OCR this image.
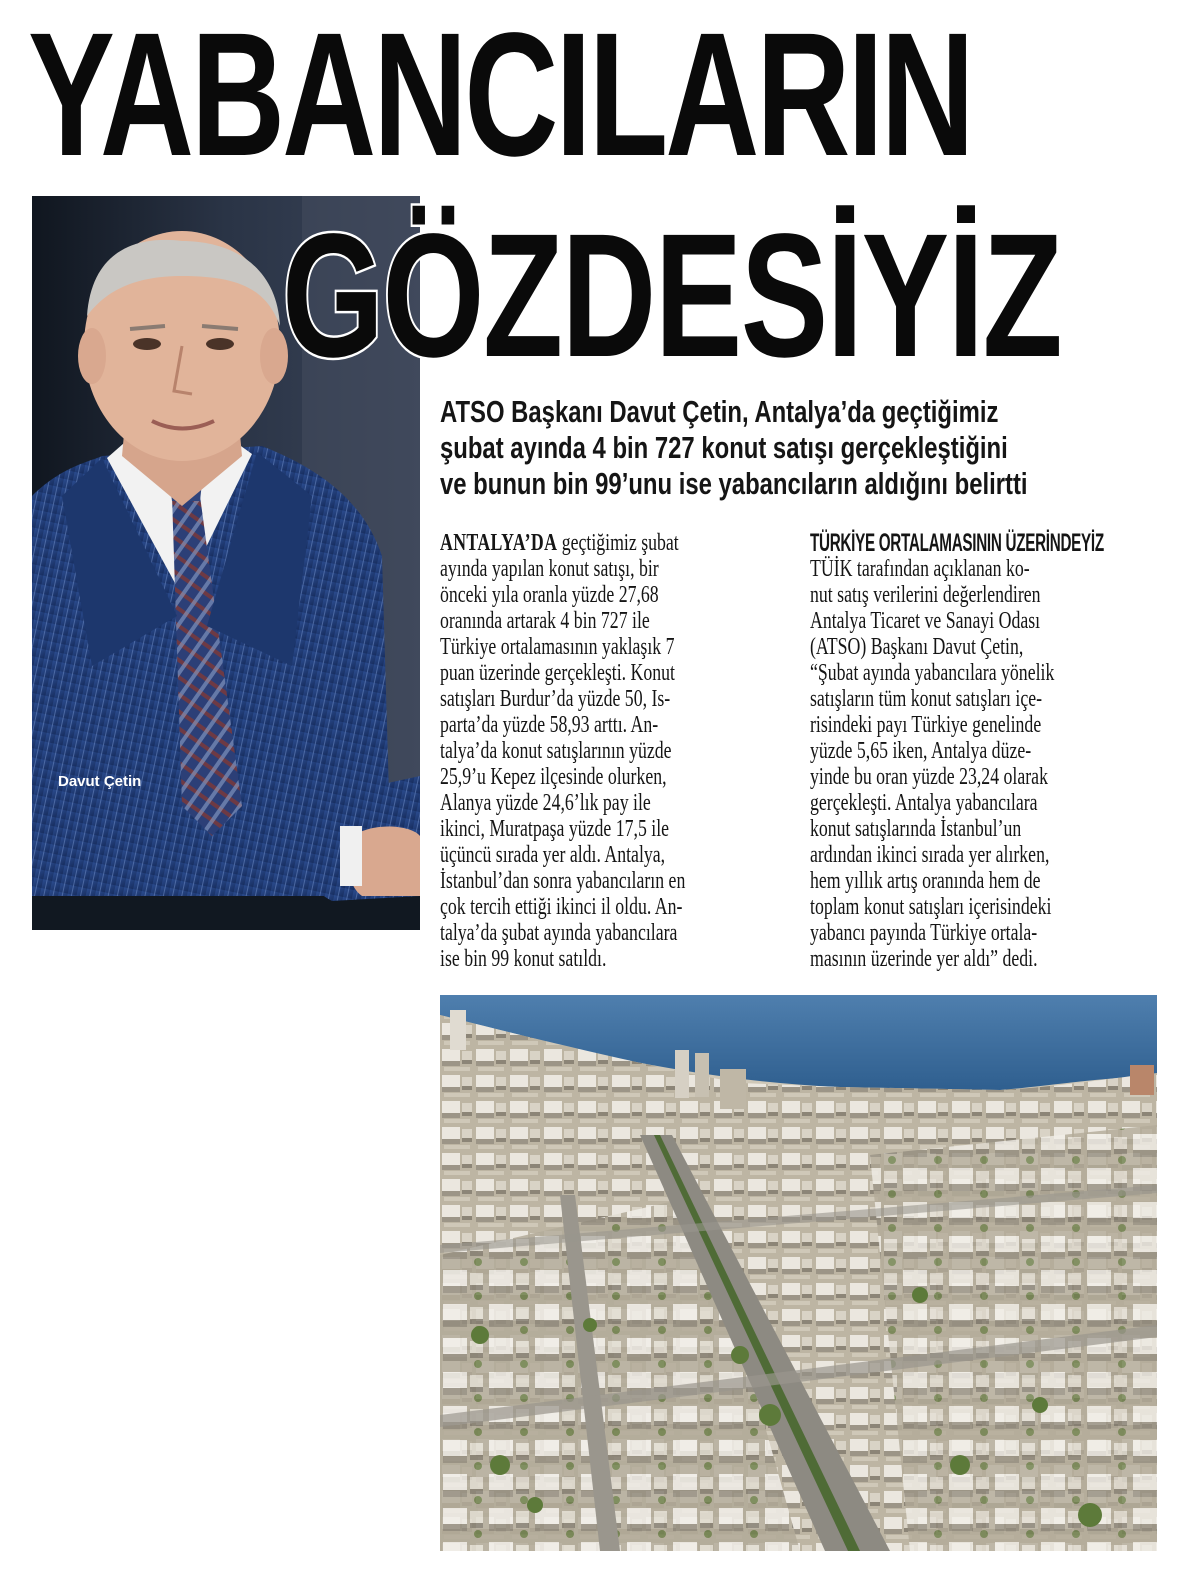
YABANCILARIN
Davut Çetin
GÖZDESİYİZ
ATSO Başkanı Davut Çetin, Antalya’da geçtiğimiz
şubat ayında 4 bin 727 konut satışı gerçekleştiğini
ve bunun bin 99’unu ise yabancıların aldığını belirtti
ANTALYA’DA geçtiğimiz şubat
ayında yapılan konut satışı, bir
önceki yıla oranla yüzde 27,68
oranında artarak 4 bin 727 ile
Türkiye ortalamasının yaklaşık 7
puan üzerinde gerçekleşti. Konut
satışları Burdur’da yüzde 50, Is-
parta’da yüzde 58,93 arttı. An-
talya’da konut satışlarının yüzde
25,9’u Kepez ilçesinde olurken,
Alanya yüzde 24,6’lık pay ile
ikinci, Muratpaşa yüzde 17,5 ile
üçüncü sırada yer aldı. Antalya,
İstanbul’dan sonra yabancıların en
çok tercih ettiği ikinci il oldu. An-
talya’da şubat ayında yabancılara
ise bin 99 konut satıldı.
TÜRKİYE ORTALAMASININ ÜZERİNDEYİZ
TÜİK tarafından açıklanan ko-
nut satış verilerini değerlendiren
Antalya Ticaret ve Sanayi Odası
(ATSO) Başkanı Davut Çetin,
“Şubat ayında yabancılara yönelik
satışların tüm konut satışları içe-
risindeki payı Türkiye genelinde
yüzde 5,65 iken, Antalya düze-
yinde bu oran yüzde 23,24 olarak
gerçekleşti. Antalya yabancılara
konut satışlarında İstanbul’un
ardından ikinci sırada yer alırken,
hem yıllık artış oranında hem de
toplam konut satışları içerisindeki
yabancı payında Türkiye ortala-
masının üzerinde yer aldı” dedi.
